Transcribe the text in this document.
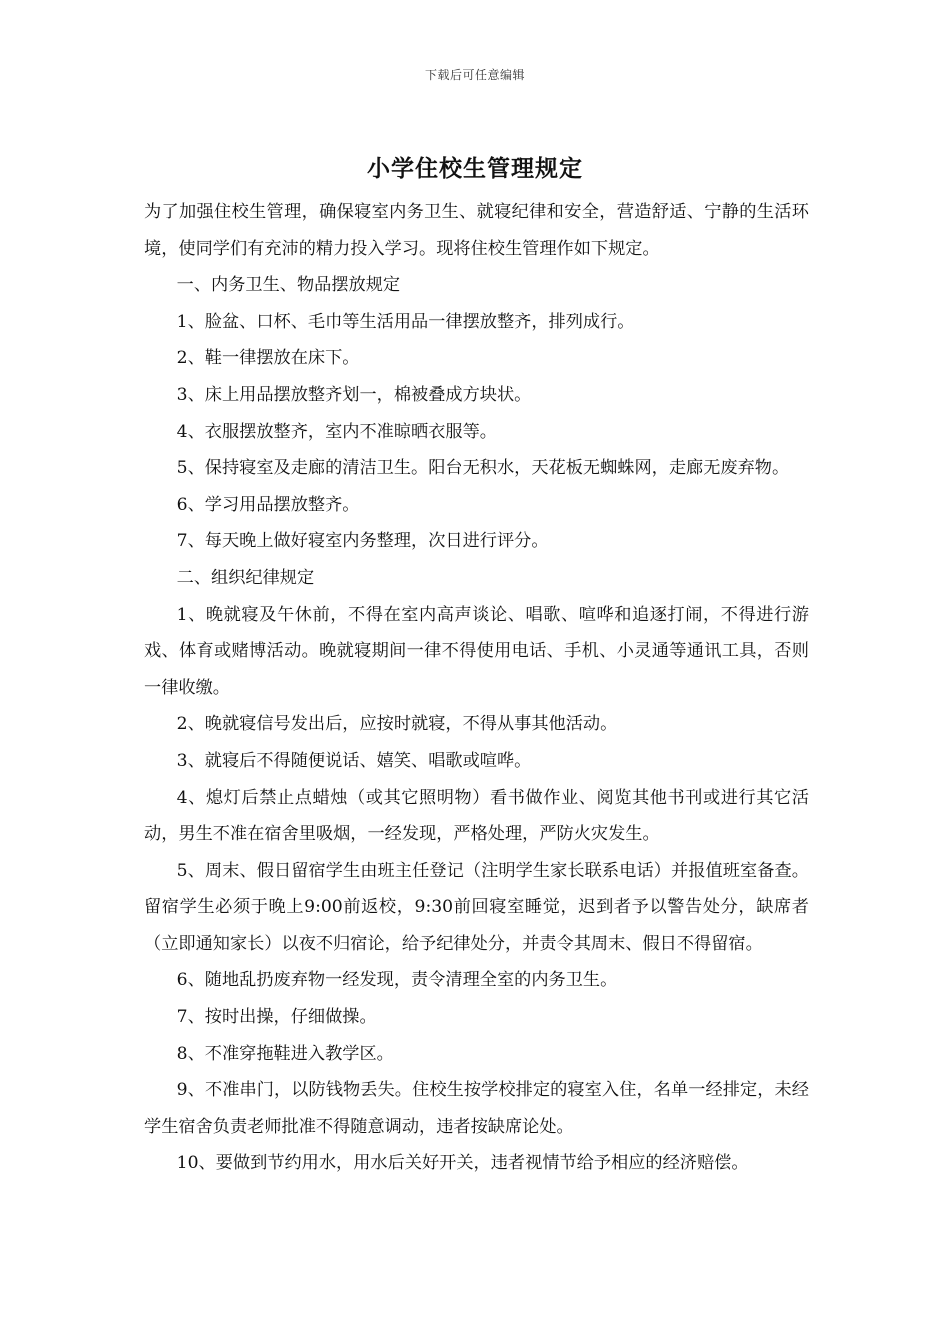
下载后可任意编辑
小学住校生管理规定

为了加强住校生管理，确保寝室内务卫生、就寝纪律和安全，营造舒适、宁静的生活环境，使同学们有充沛的精力投入学习。现将住校生管理作如下规定。

一、内务卫生、物品摆放规定

1、脸盆、口杯、毛巾等生活用品一律摆放整齐，排列成行。

2、鞋一律摆放在床下。

3、床上用品摆放整齐划一，棉被叠成方块状。

4、衣服摆放整齐，室内不准晾晒衣服等。

5、保持寝室及走廊的清洁卫生。阳台无积水，天花板无蜘蛛网，走廊无废弃物。

6、学习用品摆放整齐。

7、每天晚上做好寝室内务整理，次日进行评分。

二、组织纪律规定

1、晚就寝及午休前，不得在室内高声谈论、唱歌、喧哗和追逐打闹，不得进行游戏、体育或赌博活动。晚就寝期间一律不得使用电话、手机、小灵通等通讯工具，否则一律收缴。

2、晚就寝信号发出后，应按时就寝，不得从事其他活动。

3、就寝后不得随便说话、嬉笑、唱歌或喧哗。

4、熄灯后禁止点蜡烛（或其它照明物）看书做作业、阅览其他书刊或进行其它活动，男生不准在宿舍里吸烟，一经发现，严格处理，严防火灾发生。

5、周末、假日留宿学生由班主任登记（注明学生家长联系电话）并报值班室备查。留宿学生必须于晚上9:00前返校，9:30前回寝室睡觉，迟到者予以警告处分，缺席者（立即通知家长）以夜不归宿论，给予纪律处分，并责令其周末、假日不得留宿。

6、随地乱扔废弃物一经发现，责令清理全室的内务卫生。

7、按时出操，仔细做操。

8、不准穿拖鞋进入教学区。

9、不准串门，以防钱物丢失。住校生按学校排定的寝室入住，名单一经排定，未经学生宿舍负责老师批准不得随意调动，违者按缺席论处。

10、要做到节约用水，用水后关好开关，违者视情节给予相应的经济赔偿。
